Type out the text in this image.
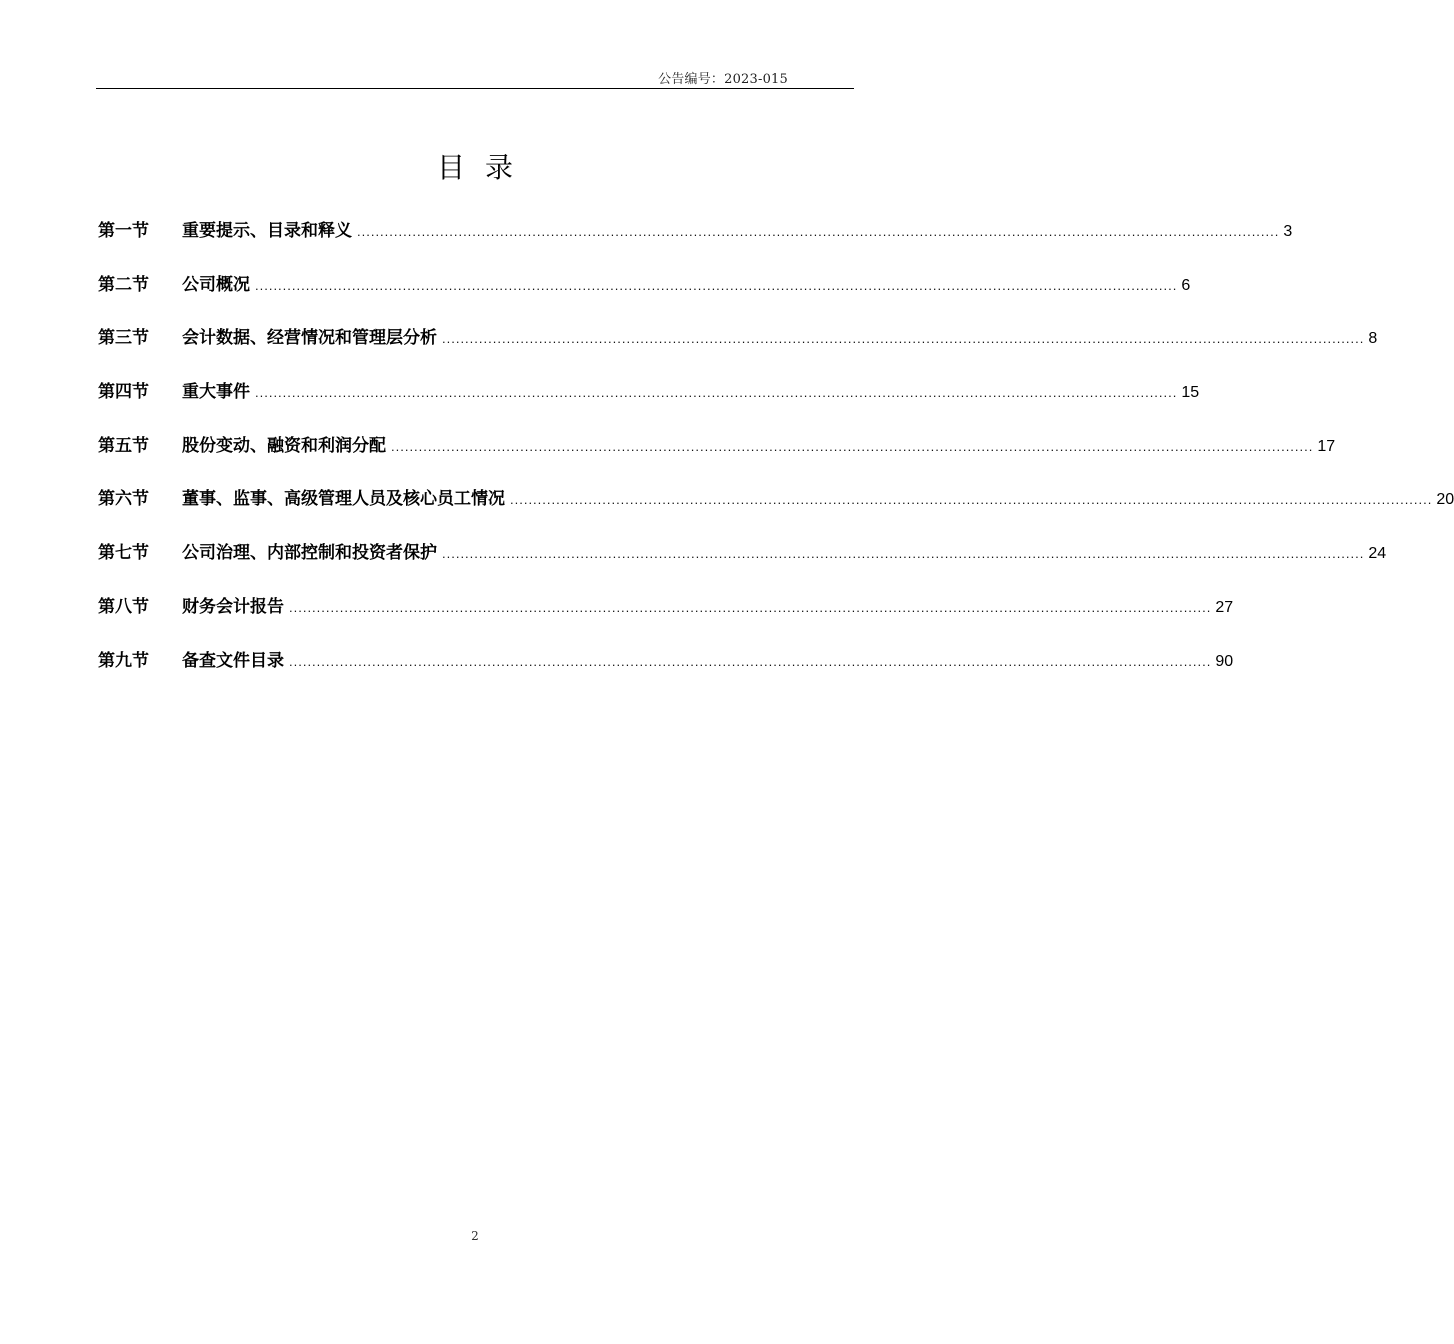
公告编号：2023-015
目录
第一节	重要提示、目录和释义 ........................................................................................................................................................................................................ 3
第二节	公司概况 ........................................................................................................................................................................................................ 6
第三节	会计数据、经营情况和管理层分析 ........................................................................................................................................................................................................ 8
第四节	重大事件 ........................................................................................................................................................................................................ 15
第五节	股份变动、融资和利润分配 ........................................................................................................................................................................................................ 17
第六节	董事、监事、高级管理人员及核心员工情况 ........................................................................................................................................................................................................ 20
第七节	公司治理、内部控制和投资者保护 ........................................................................................................................................................................................................ 24
第八节	财务会计报告 ........................................................................................................................................................................................................ 27
第九节	备查文件目录 ........................................................................................................................................................................................................ 90
2
